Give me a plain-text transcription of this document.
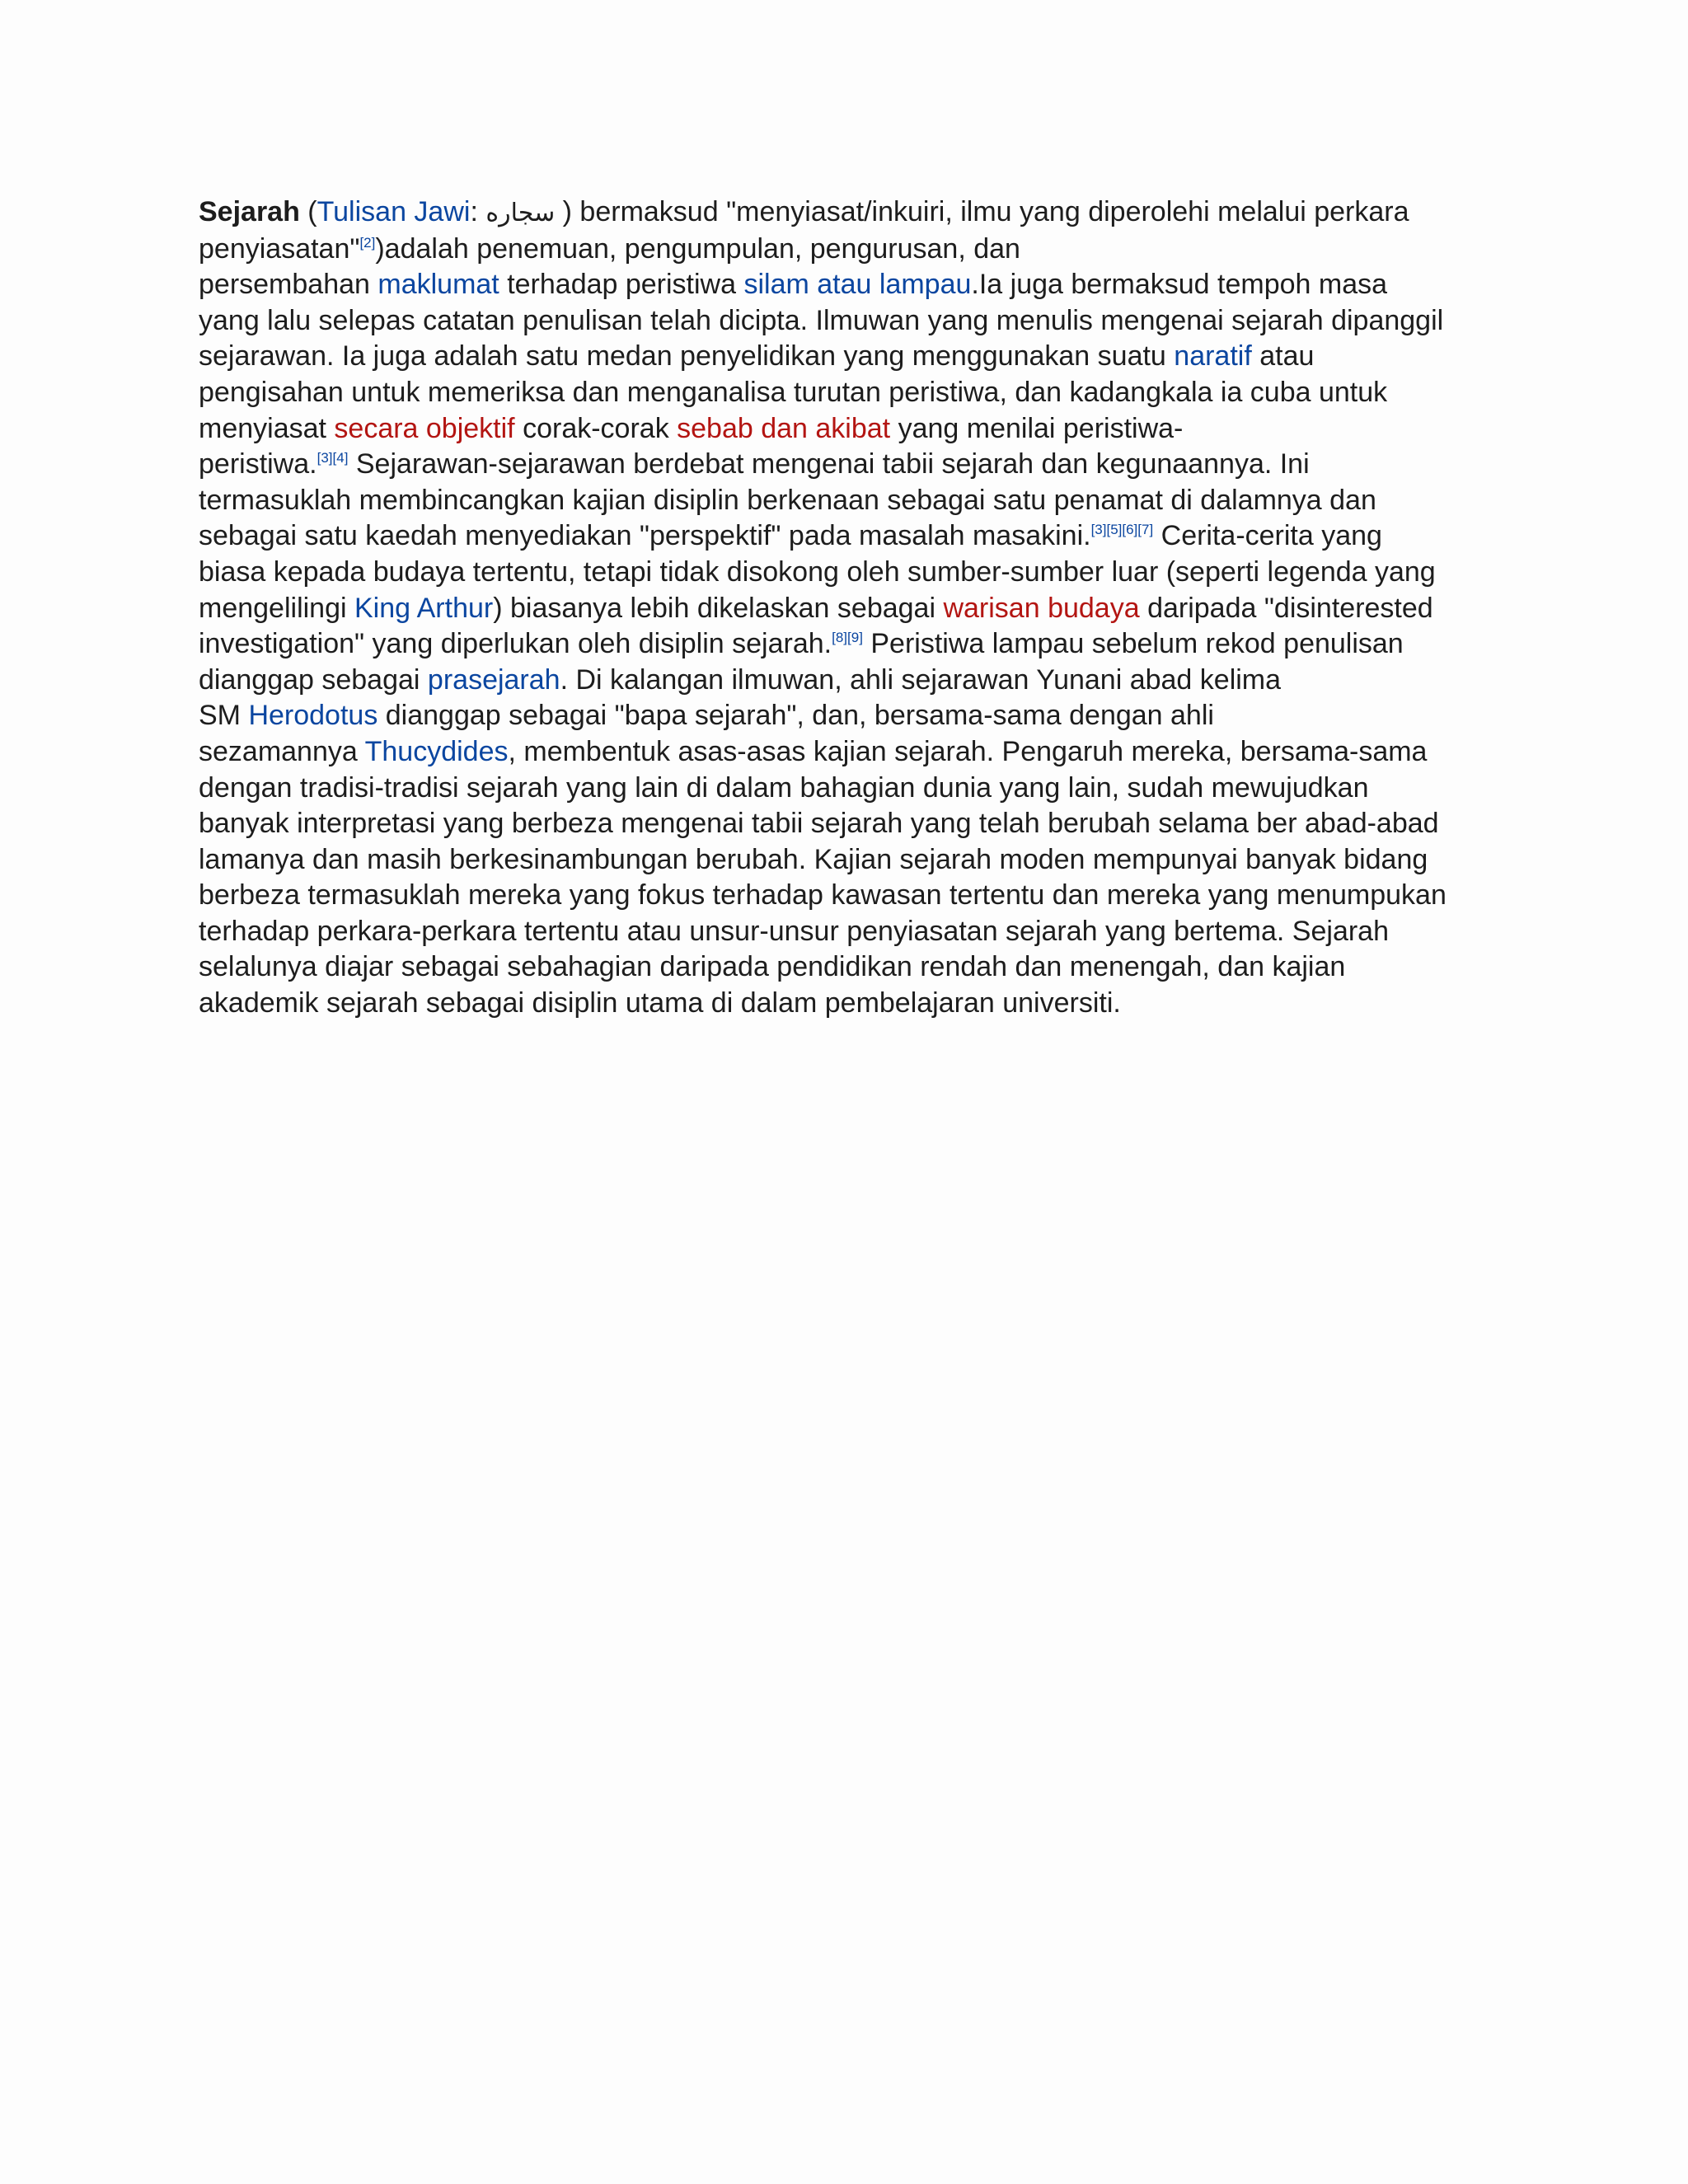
Sejarah (Tulisan Jawi: سجاره ) bermaksud "menyiasat/inkuiri, ilmu yang diperolehi melalui perkara
penyiasatan"[2])adalah penemuan, pengumpulan, pengurusan, dan
persembahan maklumat terhadap peristiwa silam atau lampau.Ia juga bermaksud tempoh masa
yang lalu selepas catatan penulisan telah dicipta. Ilmuwan yang menulis mengenai sejarah dipanggil
sejarawan. Ia juga adalah satu medan penyelidikan yang menggunakan suatu naratif atau
pengisahan untuk memeriksa dan menganalisa turutan peristiwa, dan kadangkala ia cuba untuk
menyiasat secara objektif corak-corak sebab dan akibat yang menilai peristiwa-
peristiwa.[3][4] Sejarawan-sejarawan berdebat mengenai tabii sejarah dan kegunaannya. Ini
termasuklah membincangkan kajian disiplin berkenaan sebagai satu penamat di dalamnya dan
sebagai satu kaedah menyediakan "perspektif" pada masalah masakini.[3][5][6][7] Cerita-cerita yang
biasa kepada budaya tertentu, tetapi tidak disokong oleh sumber-sumber luar (seperti legenda yang
mengelilingi King Arthur) biasanya lebih dikelaskan sebagai warisan budaya daripada "disinterested
investigation" yang diperlukan oleh disiplin sejarah.[8][9] Peristiwa lampau sebelum rekod penulisan
dianggap sebagai prasejarah. Di kalangan ilmuwan, ahli sejarawan Yunani abad kelima
SM Herodotus dianggap sebagai "bapa sejarah", dan, bersama-sama dengan ahli
sezamannya Thucydides, membentuk asas-asas kajian sejarah. Pengaruh mereka, bersama-sama
dengan tradisi-tradisi sejarah yang lain di dalam bahagian dunia yang lain, sudah mewujudkan
banyak interpretasi yang berbeza mengenai tabii sejarah yang telah berubah selama ber abad-abad
lamanya dan masih berkesinambungan berubah. Kajian sejarah moden mempunyai banyak bidang
berbeza termasuklah mereka yang fokus terhadap kawasan tertentu dan mereka yang menumpukan
terhadap perkara-perkara tertentu atau unsur-unsur penyiasatan sejarah yang bertema. Sejarah
selalunya diajar sebagai sebahagian daripada pendidikan rendah dan menengah, dan kajian
akademik sejarah sebagai disiplin utama di dalam pembelajaran universiti.
